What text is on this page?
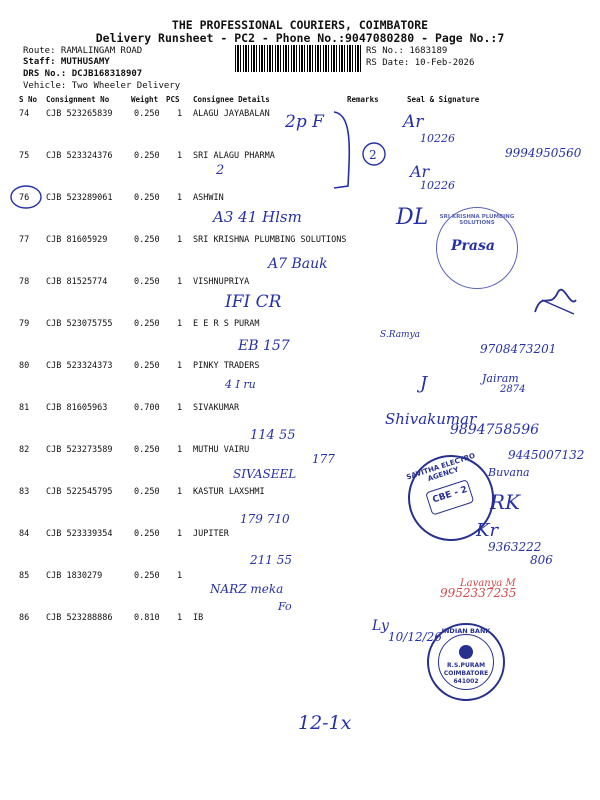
THE PROFESSIONAL COURIERS, COIMBATORE
Delivery Runsheet - PC2 - Phone No.:9047080280 - Page No.:7
Route: RAMALINGAM ROAD
Staff: MUTHUSAMY
DRS No.: DCJB168318907
Vehicle: Two Wheeler Delivery
RS No.: 1683189
RS Date: 10-Feb-2026
S No Consignment No	Weight PCS Consignee Details	Remarks	Seal & Signature
74 CJB 523265839	0.250 1 ALAGU JAYABALAN
75 CJB 523324376	0.250 1 SRI ALAGU PHARMA
76 CJB 523289061	0.250 1 ASHWIN
77 CJB 81605929	0.250 1 SRI KRISHNA PLUMBING SOLUTIONS
78 CJB 81525774	0.250 1 VISHNUPRIYA
79 CJB 523075755	0.250 1 E E R S PURAM
80 CJB 523324373	0.250 1 PINKY TRADERS
81 CJB 81605963	0.700 1 SIVAKUMAR
82 CJB 523273589	0.250 1 MUTHU VAIRU
83 CJB 522545795	0.250 1 KASTUR LAXSHMI
84 CJB 523339354	0.250 1 JUPITER
85 CJB 1830279	0.250 1
86 CJB 523288886	0.810 1 IB
2p F
2
Ar
10226
9994950560
2	Ar
10226
A3 41 Hlsm	DL
A7 Bauk
IFI CR
EB 157
S.Ramya
9708473201
4 I ru	J	Jairam
2874
114 55
Shivakumar
9894758596
177
SIVASEEL
9445007132
Buvana
179 710
RK
211 55
Kr
9363222
806
NARZ meka
Fo
Lavanya M
9952337235
Ly
10/12/26
12-1x
SAVITHA ELECTRO AGENCY
CBE - 2
INDIAN BANK
R.S.PURAM
COIMBATORE
641002
SRI KRISHNA PLUMBING SOLUTIONS
Prasa
